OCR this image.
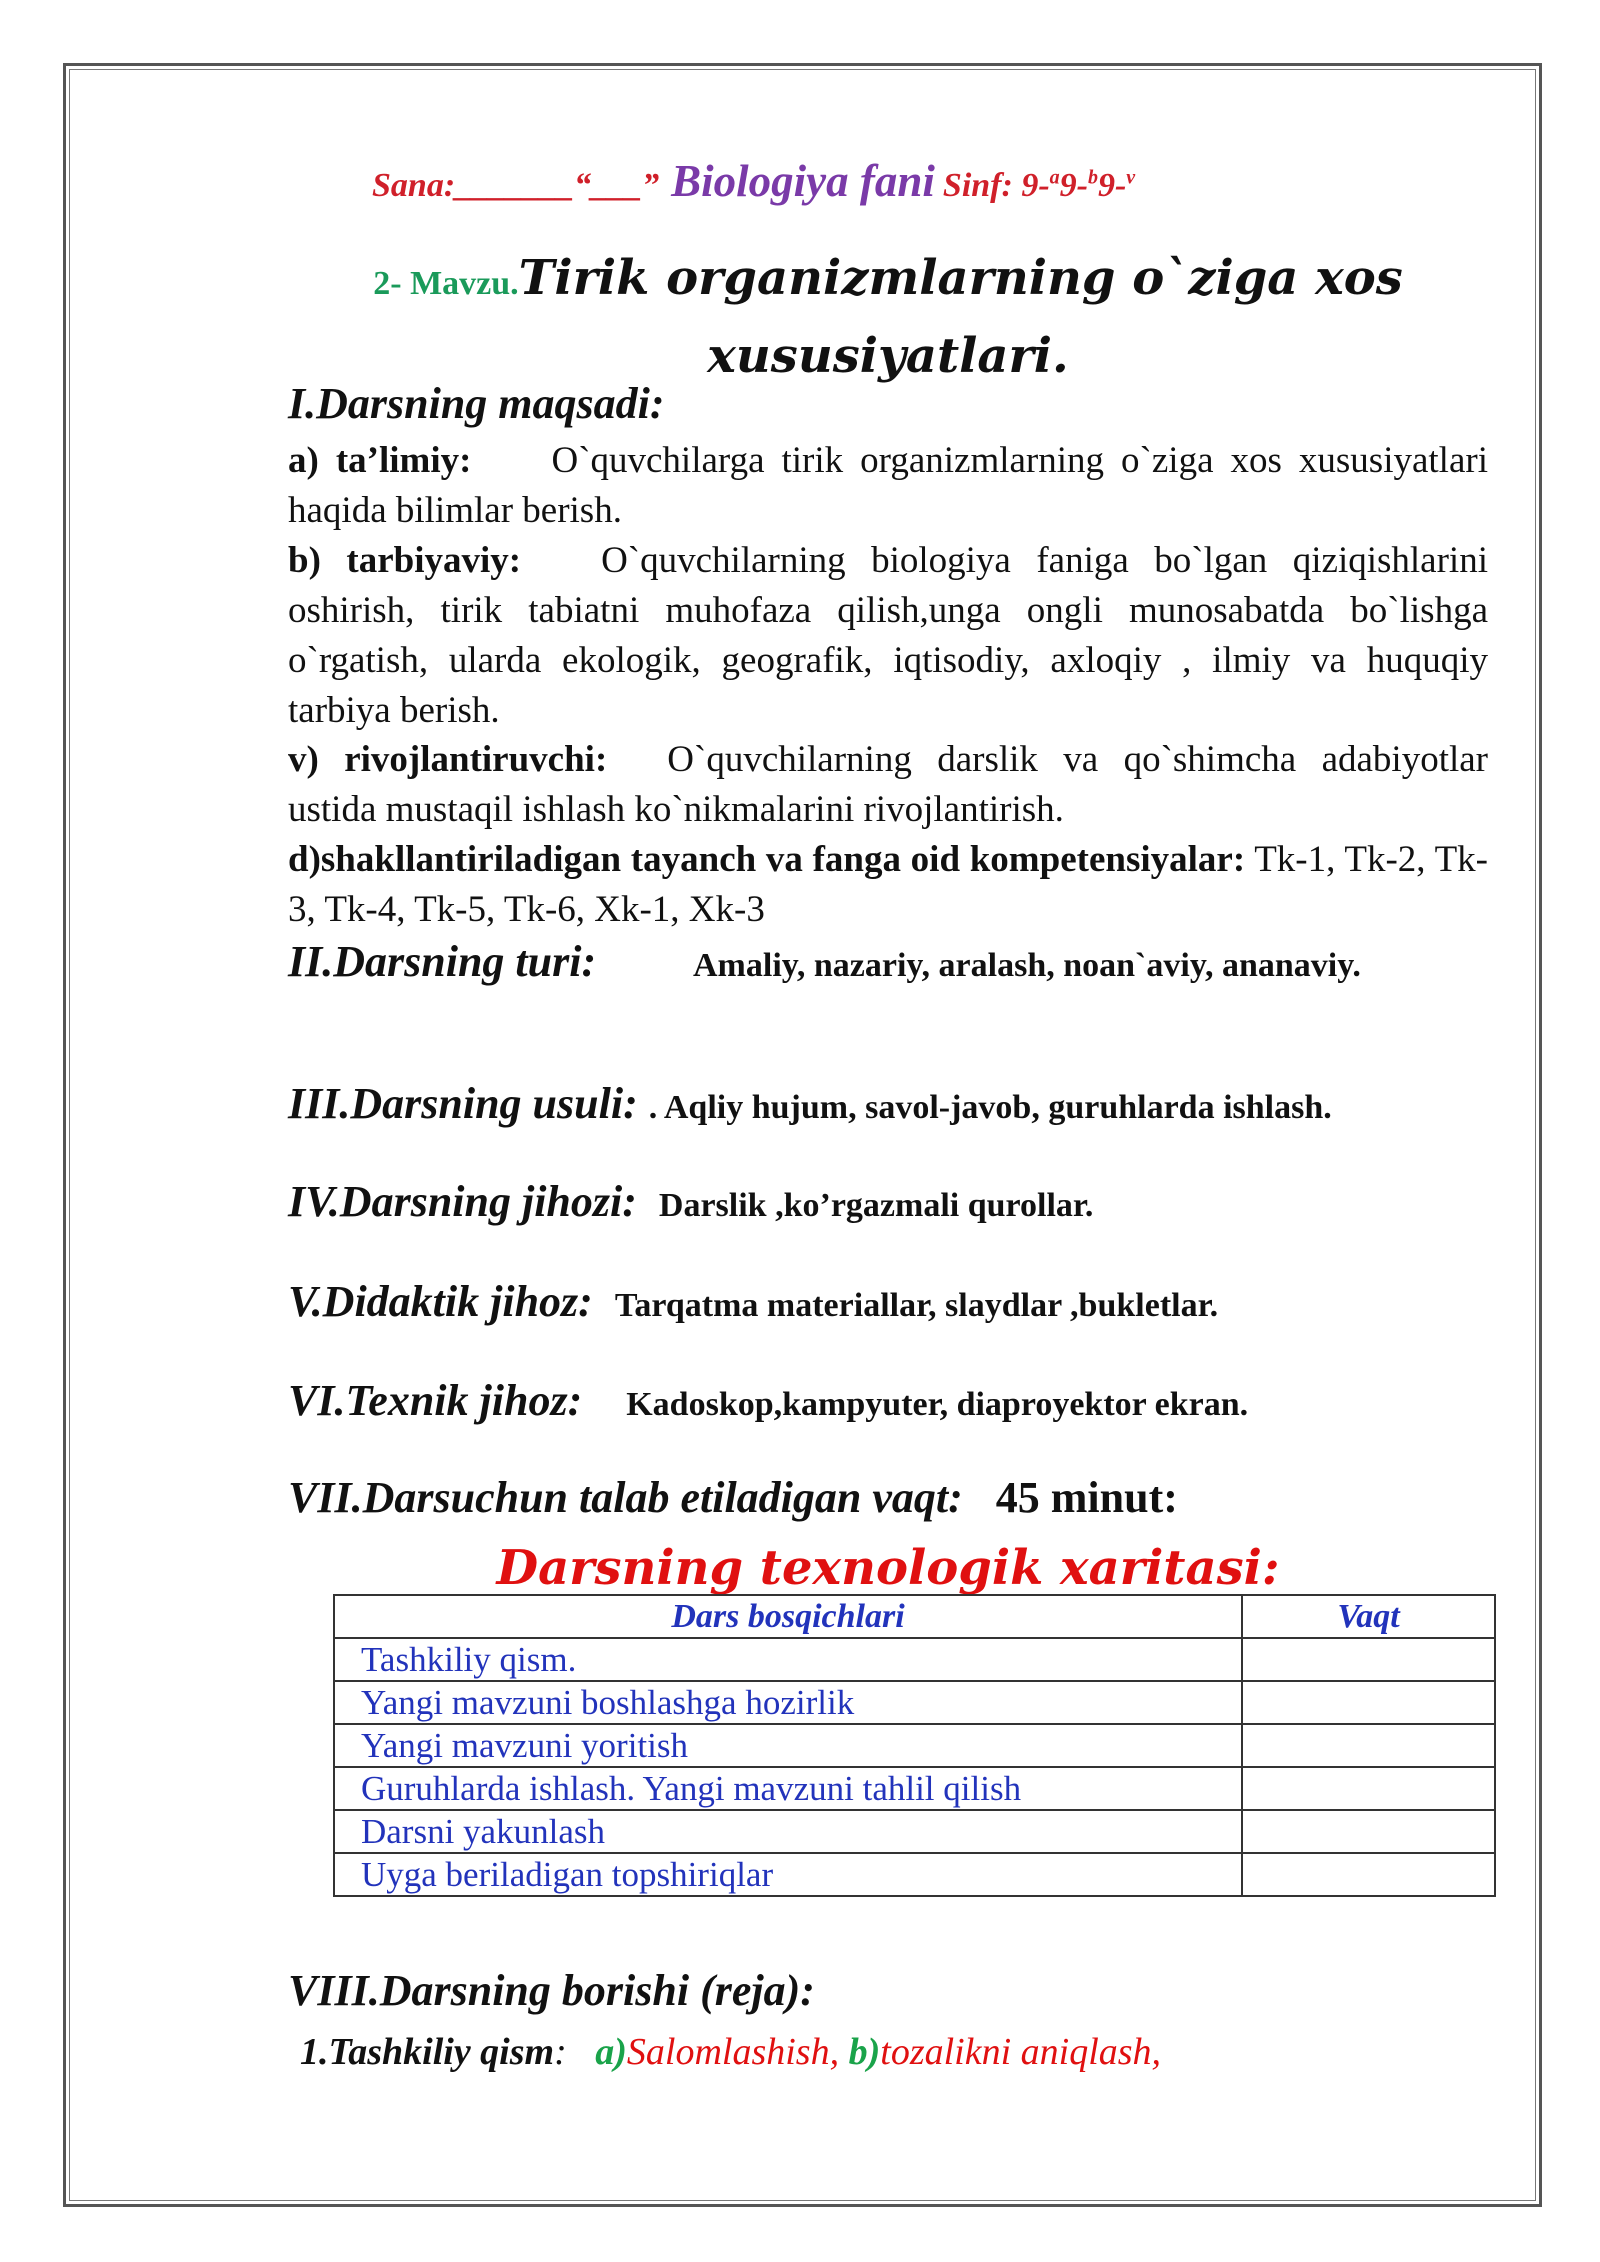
Sana:_______“___” Biologiya fani Sinf: 9-$^a$9-$^b$9-$^v$
2- Mavzu.Tirik organizmlarning o`ziga xos xususiyatlari.
I.Darsning maqsadi:
a) ta’limiy: O`quvchilarga tirik organizmlarning o`ziga xos xususiyatlari haqida bilimlar berish.
b) tarbiyaviy: O`quvchilarning biologiya faniga bo`lgan qiziqishlarini oshirish, tirik tabiatni muhofaza qilish,unga ongli munosabatda bo`lishga o`rgatish, ularda ekologik, geografik, iqtisodiy, axloqiy , ilmiy va huquqiy tarbiya berish.
v) rivojlantiruvchi: O`quvchilarning darslik va qo`shimcha adabiyotlar ustida mustaqil ishlash ko`nikmalarini rivojlantirish.
d)shakllantiriladigan tayanch va fanga oid kompetensiyalar: Tk-1, Tk-2, Tk-3, Tk-4, Tk-5, Tk-6, Xk-1, Xk-3
II.Darsning turi:	Amaliy, nazariy, aralash, noan`aviy, ananaviy.
III.Darsning usuli: . Aqliy hujum, savol-javob, guruhlarda ishlash.
IV.Darsning jihozi: Darslik ,ko’rgazmali qurollar.
V.Didaktik jihoz: Tarqatma materiallar, slaydlar ,bukletlar.
VI.Texnik jihoz: Kadoskop,kampyuter, diaproyektor ekran.
VII.Darsuchun talab etiladigan vaqt: 45 minut:
Darsning texnologik xaritasi:
Dars bosqichlari	Vaqt
Tashkiliy qism.	
Yangi mavzuni boshlashga hozirlik	
Yangi mavzuni yoritish	
Guruhlarda ishlash. Yangi mavzuni tahlil qilish	
Darsni yakunlash	
Uyga beriladigan topshiriqlar	
VIII.Darsning borishi (reja):
1.Tashkiliy qism: a)Salomlashish, b)tozalikni aniqlash,
